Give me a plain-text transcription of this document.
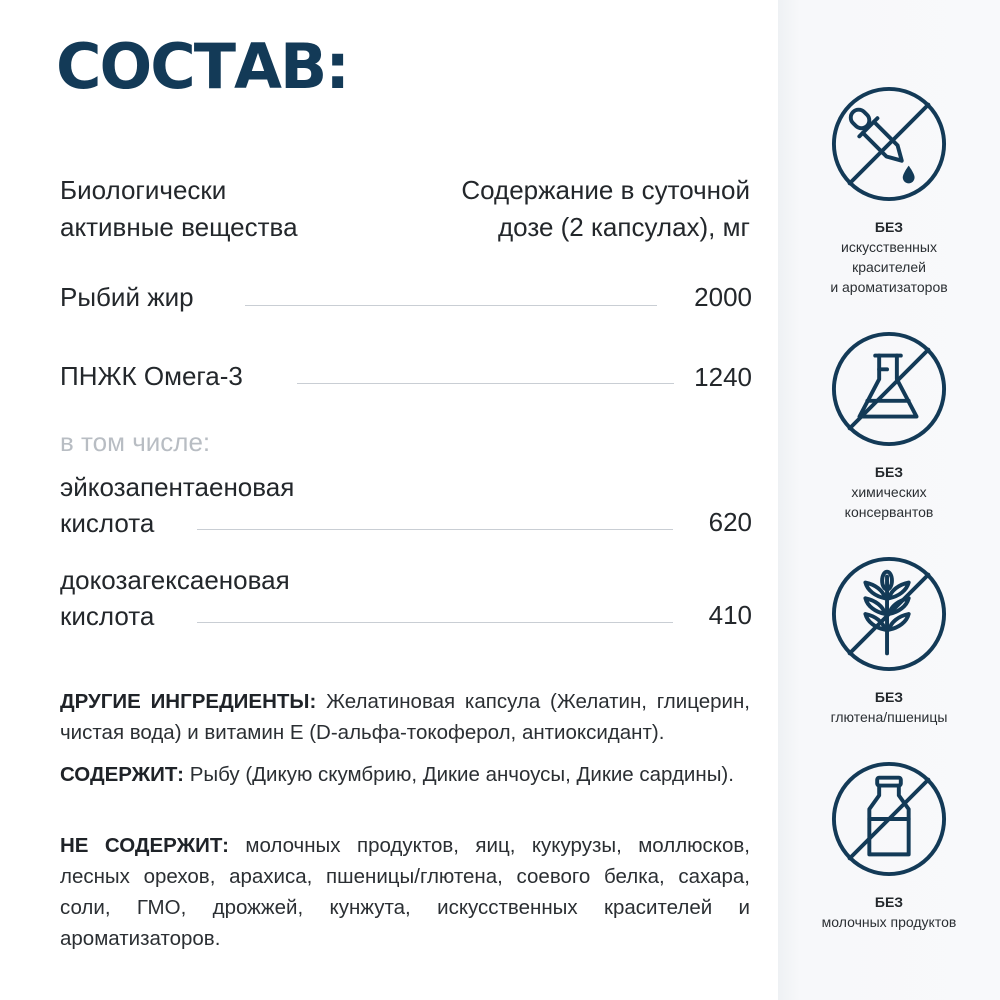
СОСТАВ:
Биологически
активные вещества
Содержание в суточной
дозе (2 капсулах), мг
Рыбий жир	2000
ПНЖК Омега-3	1240
в том числе:
эйкозапентаеновая
кислота	620
докозагексаеновая
кислота	410

ДРУГИЕ ИНГРЕДИЕНТЫ: Желатиновая капсула (Желатин, глицерин, чистая вода) и витамин Е (D-альфа-токоферол, антиоксидант).

СОДЕРЖИТ: Рыбу (Дикую скумбрию, Дикие анчоусы, Дикие сардины).

НЕ СОДЕРЖИТ: молочных продуктов, яиц, кукурузы, моллюсков, лесных орехов, арахиса, пшеницы/глютена, соевого белка, сахара, соли, ГМО, дрожжей, кунжута, искусственных красителей и ароматизаторов.

БЕЗ
искусственных
красителей
и ароматизаторов
БЕЗ
химических
консервантов
БЕЗ
глютена/пшеницы
БЕЗ
молочных продуктов
